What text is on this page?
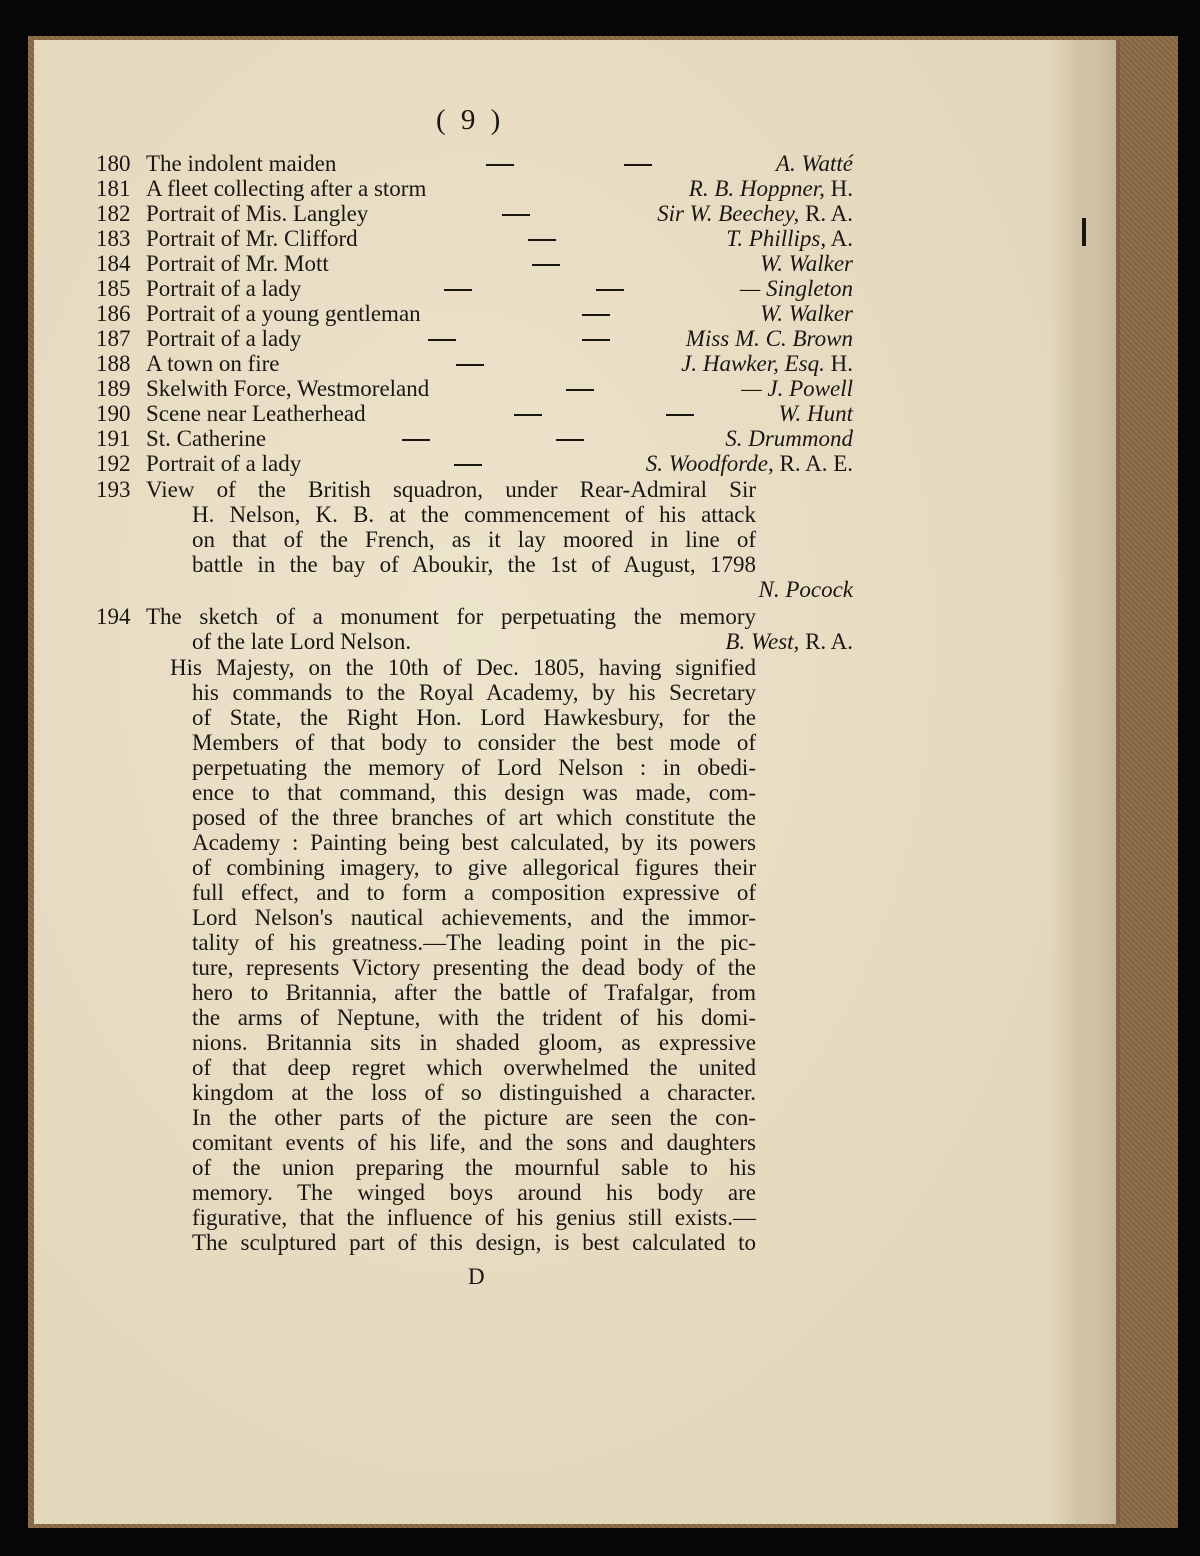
( 9 )
180 The indolent maiden	A. Watté
181 A fleet collecting after a storm	R. B. Hoppner, H.
182 Portrait of Mis. Langley	Sir W. Beechey, R. A.
183 Portrait of Mr. Clifford	T. Phillips, A.
184 Portrait of Mr. Mott	W. Walker
185 Portrait of a lady	— Singleton
186 Portrait of a young gentleman	W. Walker
187 Portrait of a lady	Miss M. C. Brown
188 A town on fire	J. Hawker, Esq. H.
189 Skelwith Force, Westmoreland	— J. Powell
190 Scene near Leatherhead	W. Hunt
191 St. Catherine	S. Drummond
192 Portrait of a lady	S. Woodforde, R. A. E.
193 View of the British squadron, under Rear-Admiral Sir
H. Nelson, K. B. at the commencement of his attack
on that of the French, as it lay moored in line of
battle in the bay of Aboukir, the 1st of August, 1798
N. Pocock
194 The sketch of a monument for perpetuating the memory
of the late Lord Nelson.	B. West, R. A.
His Majesty, on the 10th of Dec. 1805, having signified
his commands to the Royal Academy, by his Secretary
of State, the Right Hon. Lord Hawkesbury, for the
Members of that body to consider the best mode of
perpetuating the memory of Lord Nelson : in obedi-
ence to that command, this design was made, com-
posed of the three branches of art which constitute the
Academy : Painting being best calculated, by its powers
of combining imagery, to give allegorical figures their
full effect, and to form a composition expressive of
Lord Nelson's nautical achievements, and the immor-
tality of his greatness.—The leading point in the pic-
ture, represents Victory presenting the dead body of the
hero to Britannia, after the battle of Trafalgar, from
the arms of Neptune, with the trident of his domi-
nions. Britannia sits in shaded gloom, as expressive
of that deep regret which overwhelmed the united
kingdom at the loss of so distinguished a character.
In the other parts of the picture are seen the con-
comitant events of his life, and the sons and daughters
of the union preparing the mournful sable to his
memory. The winged boys around his body are
figurative, that the influence of his genius still exists.—
The sculptured part of this design, is best calculated to
D
